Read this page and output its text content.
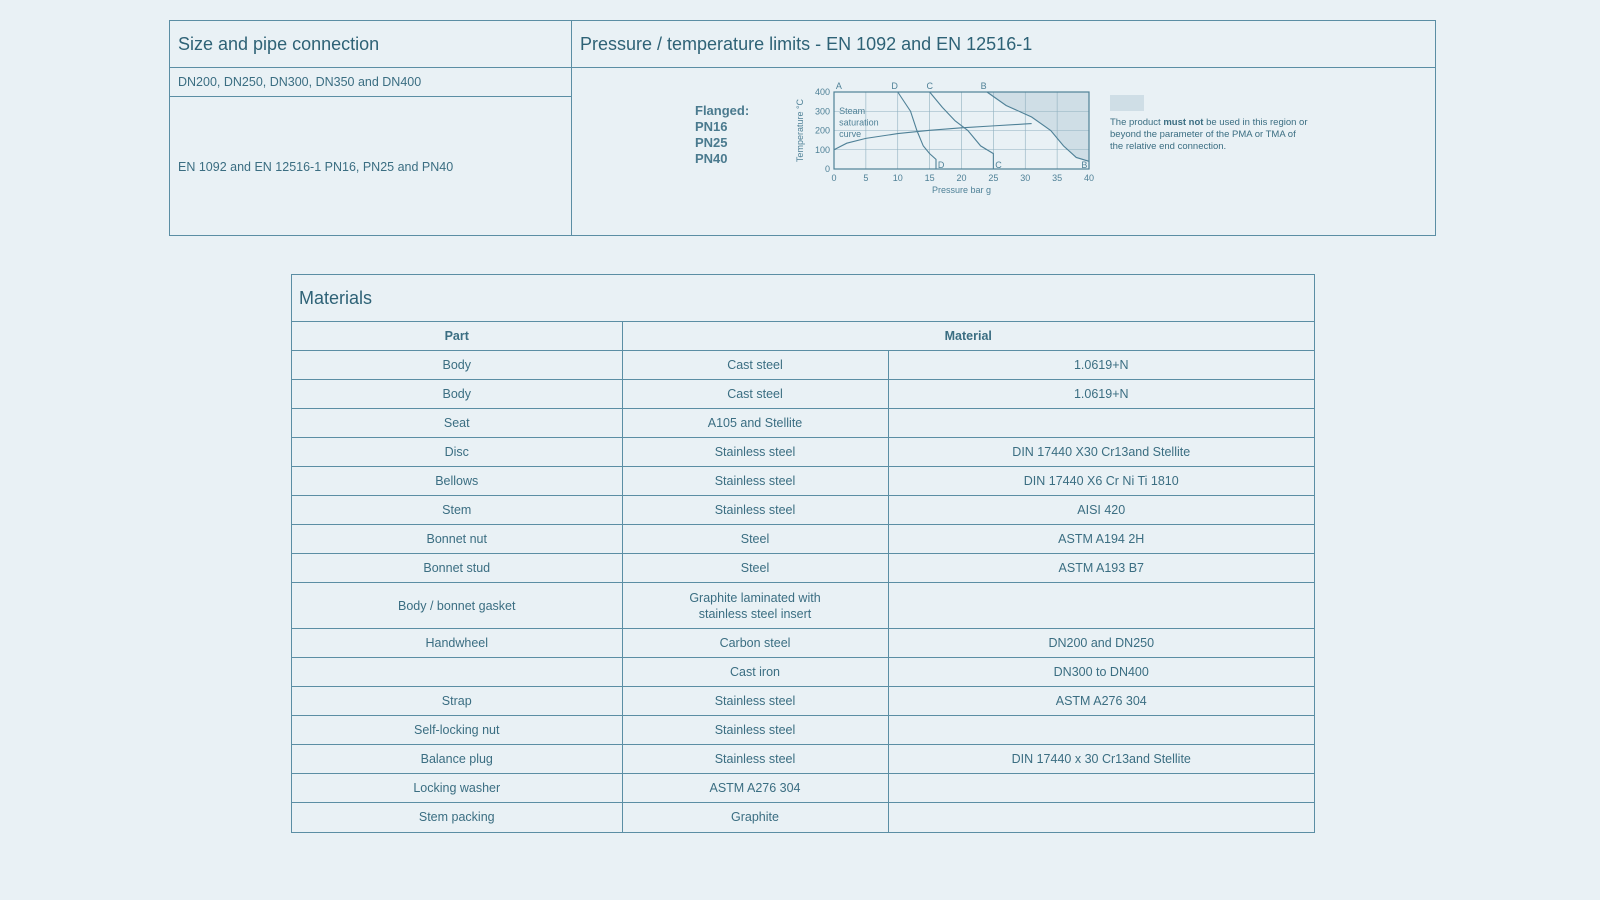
Size and pipe connection
DN200, DN250, DN300, DN350 and DN400
EN 1092 and EN 12516-1 PN16, PN25 and PN40
Pressure / temperature limits - EN 1092 and EN 12516-1
Flanged:
PN16
PN25
PN40
0	5	10 15 20 25 30 35 40
0
100
200
300
400
A	D	C	B
D	C	B
Steam
saturation
curve
Pressure bar g
Temperature °C	The product must not be used in this region or beyond the parameter of the PMA or TMA of the relative end connection.
Materials
Part	Material	
Body	Cast steel	1.0619+N
Body	Cast steel	1.0619+N
Seat	A105 and Stellite	
Disc	Stainless steel	DIN 17440 X30 Cr13and Stellite
Bellows	Stainless steel	DIN 17440 X6 Cr Ni Ti 1810
Stem	Stainless steel	AISI 420
Bonnet nut	Steel	ASTM A194 2H
Bonnet stud	Steel	ASTM A193 B7
Body / bonnet gasket	Graphite laminated with stainless steel insert	
Handwheel	Carbon steel	DN200 and DN250
	Cast iron	DN300 to DN400
Strap	Stainless steel	ASTM A276 304
Self-locking nut	Stainless steel	
Balance plug	Stainless steel	DIN 17440 x 30 Cr13and Stellite
Locking washer	ASTM A276 304	
Stem packing	Graphite	
